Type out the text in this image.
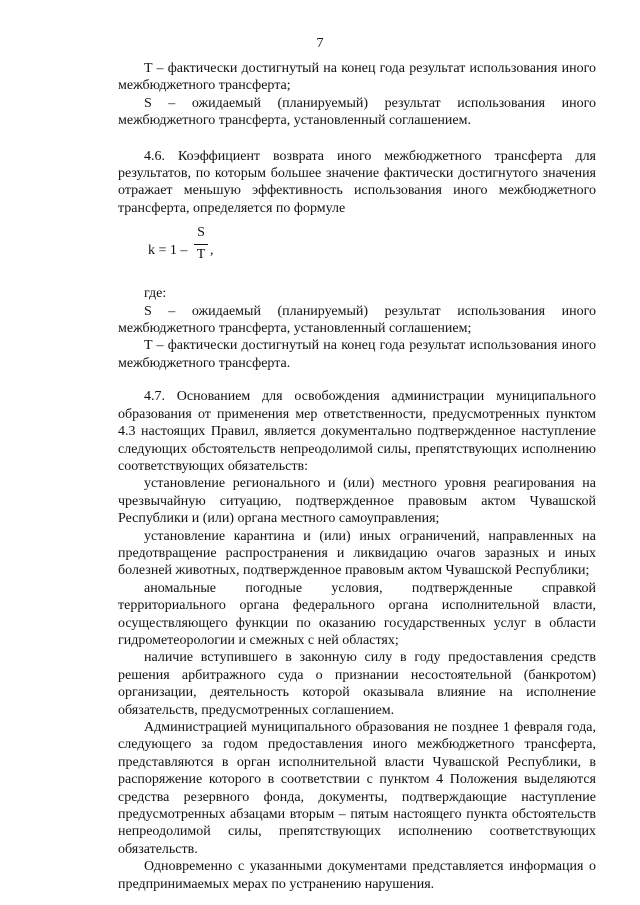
7

T – фактически достигнутый на конец года результат использования иного межбюджетного трансферта;

S – ожидаемый (планируемый) результат использования иного межбюджетного трансферта, установленный соглашением.

4.6. Коэффициент возврата иного межбюджетного трансферта для результатов, по которым большее значение фактически достигнутого значения отражает меньшую эффективность использования иного межбюджетного трансферта, определяется по формуле

k = 1 –
S
T ,

где:

S – ожидаемый (планируемый) результат использования иного межбюджетного трансферта, установленный соглашением;

T – фактически достигнутый на конец года результат использования иного межбюджетного трансферта.

4.7. Основанием для освобождения администрации муниципального образования от применения мер ответственности, предусмотренных пунктом 4.3 настоящих Правил, является документально подтвержденное наступление следующих обстоятельств непреодолимой силы, препятствующих исполнению соответствующих обязательств:

установление регионального и (или) местного уровня реагирования на чрезвычайную ситуацию, подтвержденное правовым актом Чувашской Республики и (или) органа местного самоуправления;

установление карантина и (или) иных ограничений, направленных на предотвращение распространения и ликвидацию очагов заразных и иных болезней животных, подтвержденное правовым актом Чувашской Республики;

аномальные погодные условия, подтвержденные справкой территориального органа федерального органа исполнительной власти, осуществляющего функции по оказанию государственных услуг в области гидрометеорологии и смежных с ней областях;

наличие вступившего в законную силу в году предоставления средств решения арбитражного суда о признании несостоятельной (банкротом) организации, деятельность которой оказывала влияние на исполнение обязательств, предусмотренных соглашением.

Администрацией муниципального образования не позднее 1 февраля года, следующего за годом предоставления иного межбюджетного трансферта, представляются в орган исполнительной власти Чувашской Республики, в распоряжение которого в соответствии с пунктом 4 Положения выделяются средства резервного фонда, документы, подтверждающие наступление предусмотренных абзацами вторым – пятым настоящего пункта обстоятельств непреодолимой силы, препятствующих исполнению соответствующих обязательств.

Одновременно с указанными документами представляется информация о предпринимаемых мерах по устранению нарушения.
